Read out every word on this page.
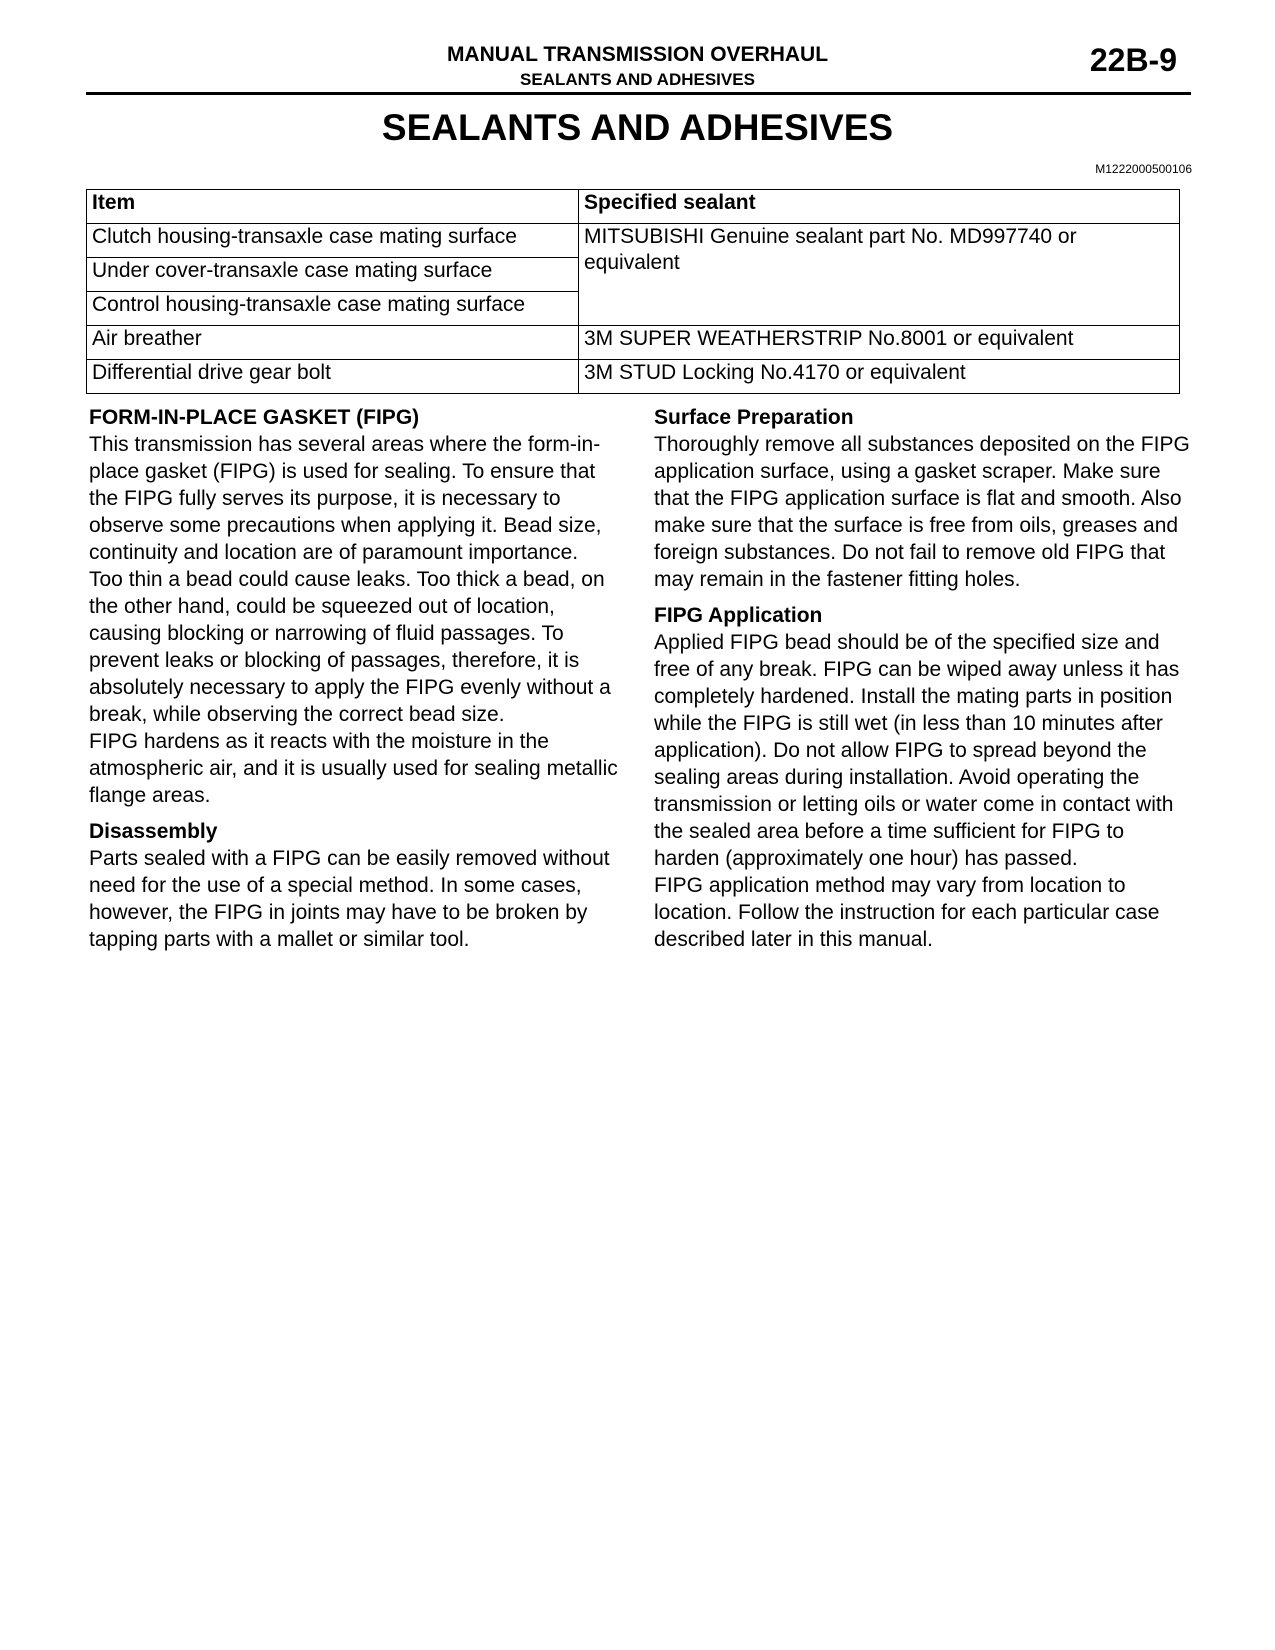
MANUAL TRANSMISSION OVERHAUL
SEALANTS AND ADHESIVES
22B-9
SEALANTS AND ADHESIVES
M1222000500106
Item	Specified sealant
Clutch housing-transaxle case mating surface	MITSUBISHI Genuine sealant part No. MD997740 or equivalent
Under cover-transaxle case mating surface	
Control housing-transaxle case mating surface	
Air breather	3M SUPER WEATHERSTRIP No.8001 or equivalent
Differential drive gear bolt	3M STUD Locking No.4170 or equivalent
FORM-IN-PLACE GASKET (FIPG)

This transmission has several areas where the form-in-place gasket (FIPG) is used for sealing. To ensure that the FIPG fully serves its purpose, it is necessary to observe some precautions when applying it. Bead size, continuity and location are of paramount importance.

Too thin a bead could cause leaks. Too thick a bead, on the other hand, could be squeezed out of location, causing blocking or narrowing of fluid passages. To prevent leaks or blocking of passages, therefore, it is absolutely necessary to apply the FIPG evenly without a break, while observing the correct bead size.

FIPG hardens as it reacts with the moisture in the atmospheric air, and it is usually used for sealing metallic flange areas.

Disassembly

Parts sealed with a FIPG can be easily removed without need for the use of a special method. In some cases, however, the FIPG in joints may have to be broken by tapping parts with a mallet or similar tool.

Surface Preparation

Thoroughly remove all substances deposited on the FIPG application surface, using a gasket scraper. Make sure that the FIPG application surface is flat and smooth. Also make sure that the surface is free from oils, greases and foreign substances. Do not fail to remove old FIPG that may remain in the fastener fitting holes.

FIPG Application

Applied FIPG bead should be of the specified size and free of any break. FIPG can be wiped away unless it has completely hardened. Install the mating parts in position while the FIPG is still wet (in less than 10 minutes after application). Do not allow FIPG to spread beyond the sealing areas during installation. Avoid operating the transmission or letting oils or water come in contact with the sealed area before a time sufficient for FIPG to harden (approximately one hour) has passed.

FIPG application method may vary from location to location. Follow the instruction for each particular case described later in this manual.
